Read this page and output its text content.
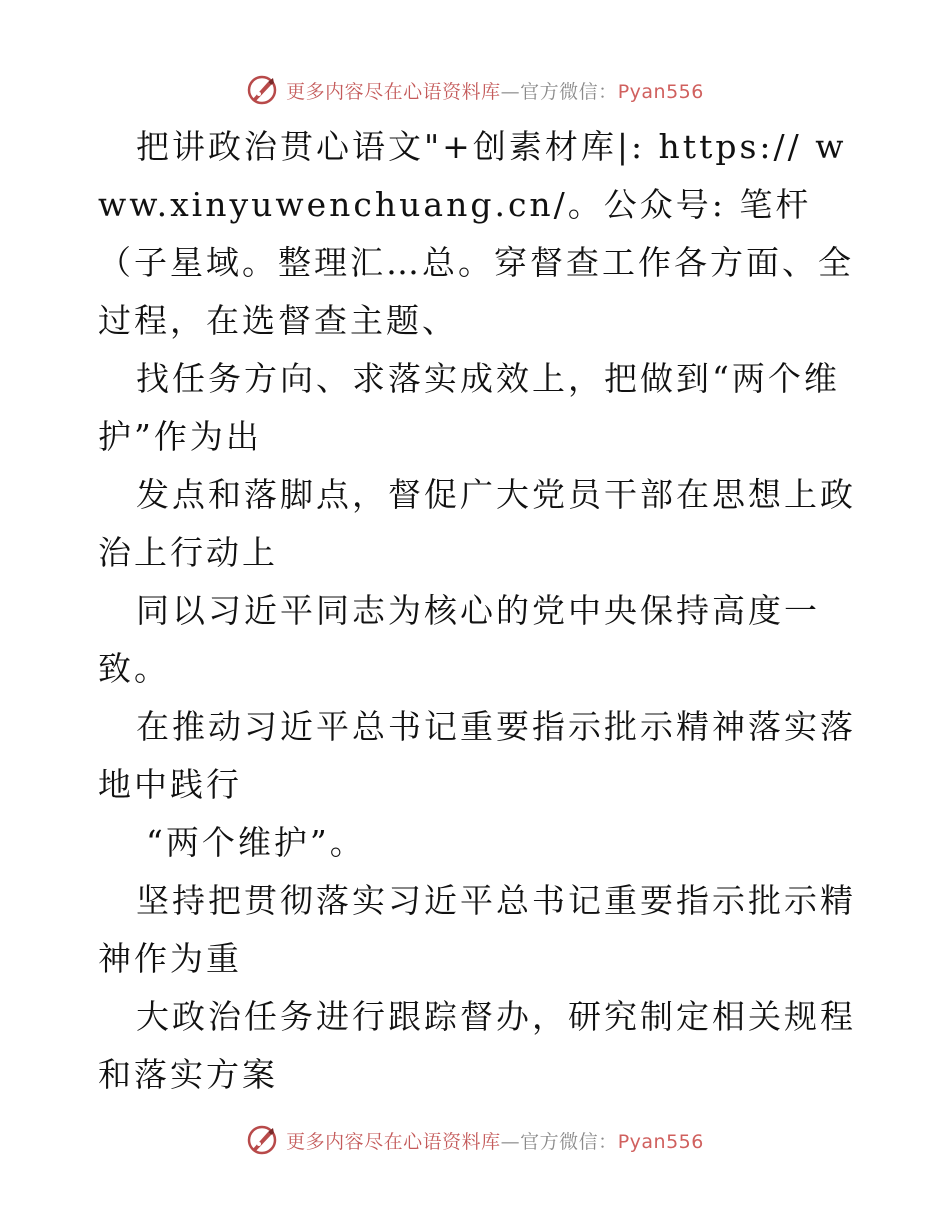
更多内容尽在心语资料库—官方微信：Pyan556

把讲政治贯心语文"+创素材库|: https:// www.xinyuwenchuang.cn/。公众号: 笔杆（子星域。整理汇…总。穿督查工作各方面、全过程，在选督查主题、

找任务方向、求落实成效上，把做到“两个维护”作为出

发点和落脚点，督促广大党员干部在思想上政治上行动上

同以习近平同志为核心的党中央保持高度一致。

在推动习近平总书记重要指示批示精神落实落地中践行

“两个维护”。

坚持把贯彻落实习近平总书记重要指示批示精神作为重

大政治任务进行跟踪督办，研究制定相关规程和落实方案

更多内容尽在心语资料库—官方微信：Pyan556
